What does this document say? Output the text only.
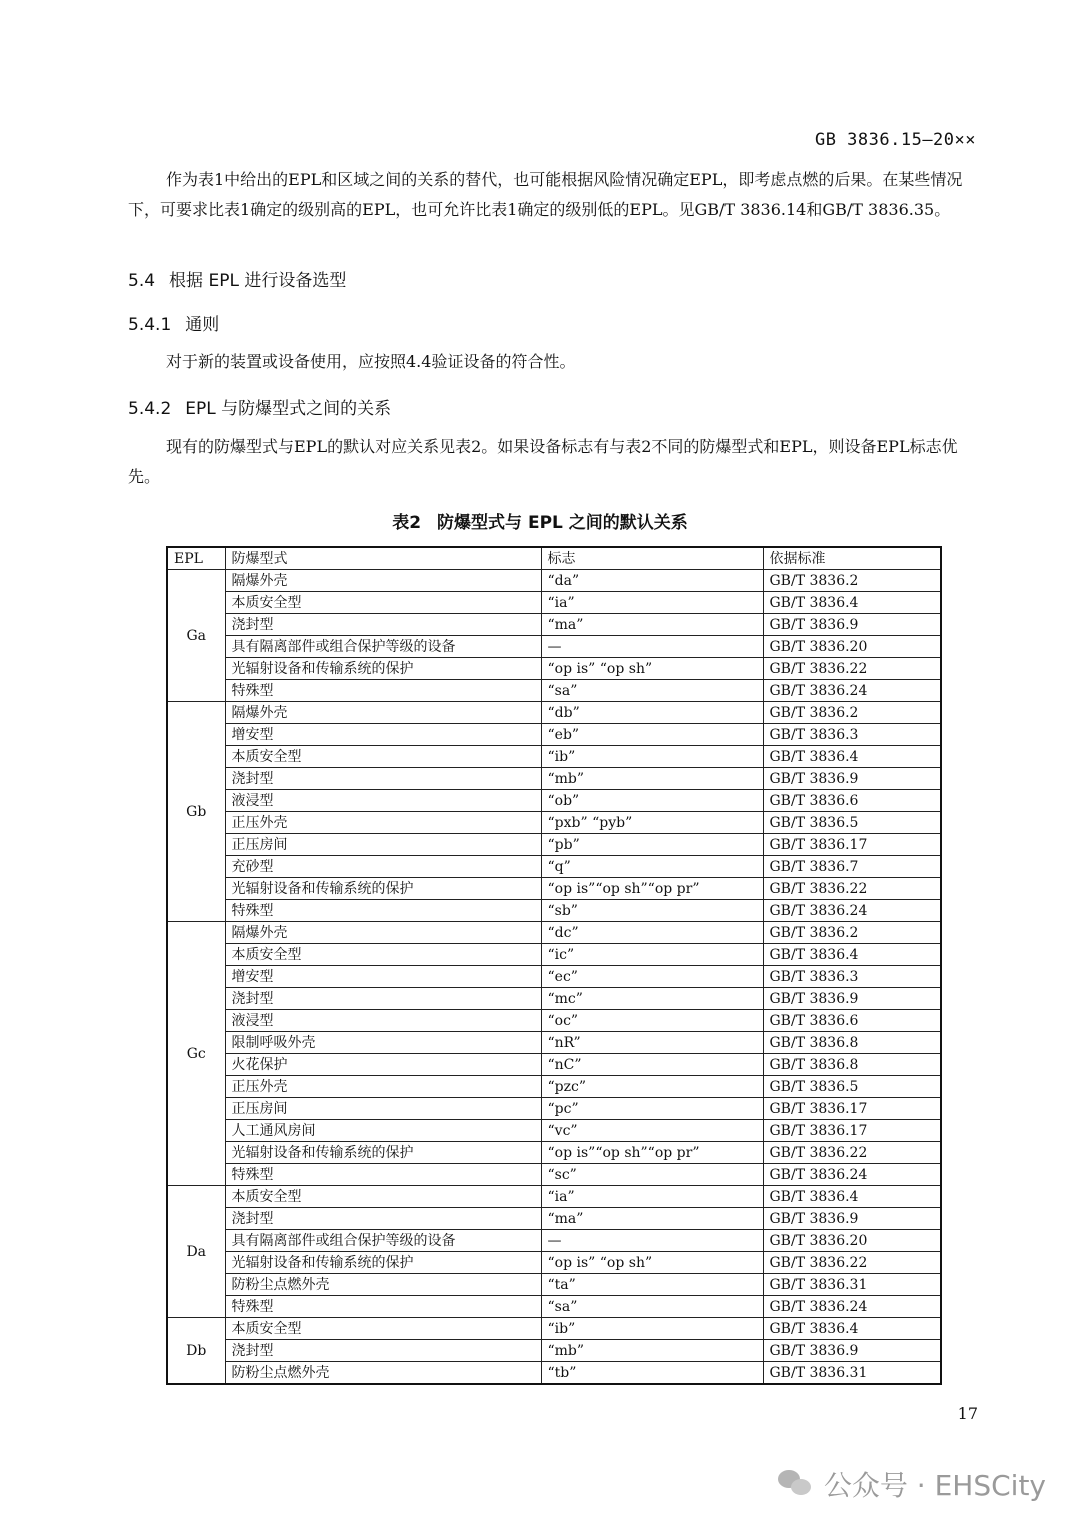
GB 3836.15—20××
作为表1中给出的EPL和区域之间的关系的替代，也可能根据风险情况确定EPL，即考虑点燃的后果。在某些情况下，可要求比表1确定的级别高的EPL，也可允许比表1确定的级别低的EPL。见GB/T 3836.14和GB/T 3836.35。
5.4 根据 EPL 进行设备选型
5.4.1 通则
对于新的装置或设备使用，应按照4.4验证设备的符合性。
5.4.2 EPL 与防爆型式之间的关系
现有的防爆型式与EPL的默认对应关系见表2。如果设备标志有与表2不同的防爆型式和EPL，则设备EPL标志优先。
表2 防爆型式与 EPL 之间的默认关系
EPL	防爆型式	标志	依据标准
Ga	隔爆外壳	“da”	GB/T 3836.2
	本质安全型	“ia”	GB/T 3836.4
	浇封型	“ma”	GB/T 3836.9
	具有隔离部件或组合保护等级的设备	—	GB/T 3836.20
	光辐射设备和传输系统的保护	“op is” “op sh”	GB/T 3836.22
	特殊型	“sa”	GB/T 3836.24
Gb	隔爆外壳	“db”	GB/T 3836.2
	增安型	“eb”	GB/T 3836.3
	本质安全型	“ib”	GB/T 3836.4
	浇封型	“mb”	GB/T 3836.9
	液浸型	“ob”	GB/T 3836.6
	正压外壳	“pxb” “pyb”	GB/T 3836.5
	正压房间	“pb”	GB/T 3836.17
	充砂型	“q”	GB/T 3836.7
	光辐射设备和传输系统的保护	“op is”“op sh”“op pr”	GB/T 3836.22
	特殊型	“sb”	GB/T 3836.24
Gc	隔爆外壳	“dc”	GB/T 3836.2
	本质安全型	“ic”	GB/T 3836.4
	增安型	“ec”	GB/T 3836.3
	浇封型	“mc”	GB/T 3836.9
	液浸型	“oc”	GB/T 3836.6
	限制呼吸外壳	“nR”	GB/T 3836.8
	火花保护	“nC”	GB/T 3836.8
	正压外壳	“pzc”	GB/T 3836.5
	正压房间	“pc”	GB/T 3836.17
	人工通风房间	“vc”	GB/T 3836.17
	光辐射设备和传输系统的保护	“op is”“op sh”“op pr”	GB/T 3836.22
	特殊型	“sc”	GB/T 3836.24
Da	本质安全型	“ia”	GB/T 3836.4
	浇封型	“ma”	GB/T 3836.9
	具有隔离部件或组合保护等级的设备	—	GB/T 3836.20
	光辐射设备和传输系统的保护	“op is” “op sh”	GB/T 3836.22
	防粉尘点燃外壳	“ta”	GB/T 3836.31
	特殊型	“sa”	GB/T 3836.24
Db	本质安全型	“ib”	GB/T 3836.4
	浇封型	“mb”	GB/T 3836.9
	防粉尘点燃外壳	“tb”	GB/T 3836.31
17
公众号 · EHSCity
